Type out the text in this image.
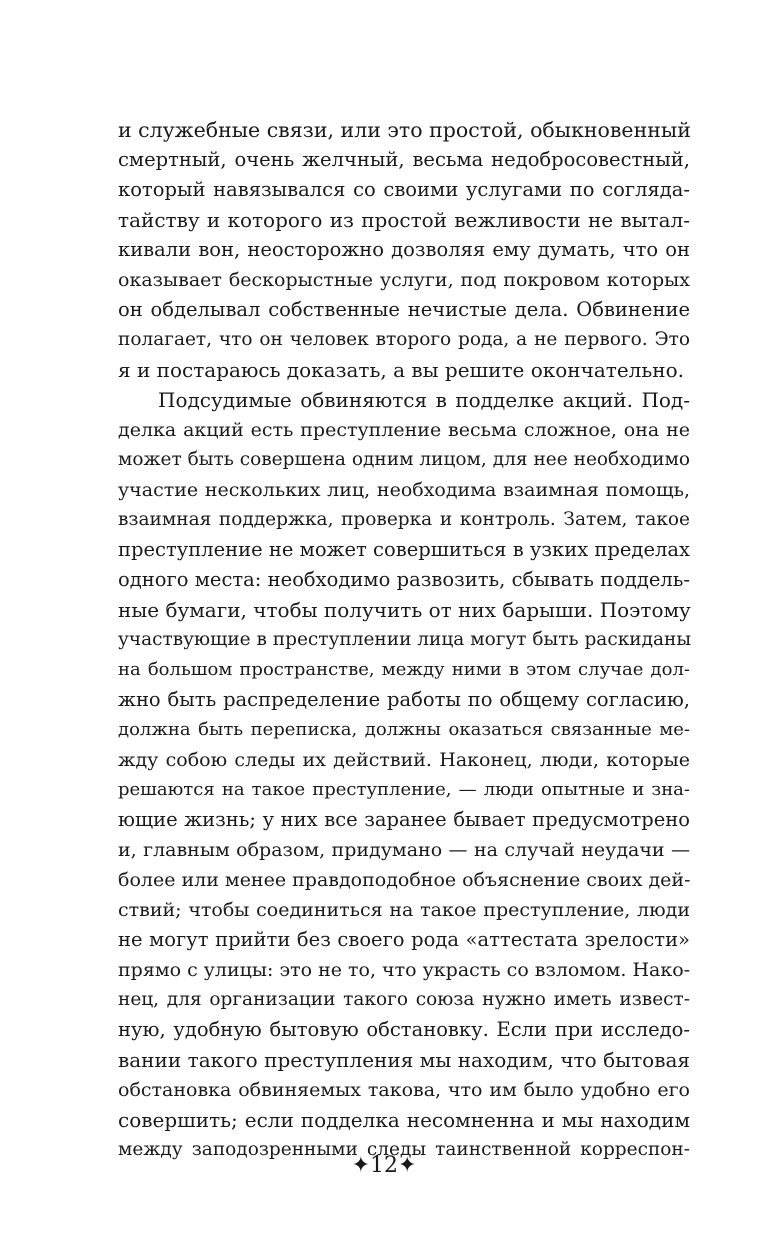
и служебные связи, или это простой, обыкновенный
смертный, очень желчный, весьма недобросовестный,
который навязывался со своими услугами по соглядa-
тайству и которого из простой вежливости не вытал-
кивали вон, неосторожно дозволяя ему думать, что он
оказывает бескорыстные услуги, под покровом которых
он обделывал собственные нечистые дела. Обвинение
полагает, что он человек второго рода, а не первого. Это
я и постараюсь доказать, а вы решите окончательно.
Подсудимые обвиняются в подделке акций. Под-
делка акций есть преступление весьма сложное, она не
может быть совершена одним лицом, для нее необходимо
участие нескольких лиц, необходима взаимная помощь,
взаимная поддержка, проверка и контроль. Затем, такое
преступление не может совершиться в узких пределах
одного места: необходимо развозить, сбывать поддель-
ные бумаги, чтобы получить от них барыши. Поэтому
участвующие в преступлении лица могут быть раскиданы
на большом пространстве, между ними в этом случае дол-
жно быть распределение работы по общему согласию,
должна быть переписка, должны оказаться связанные ме-
жду собою следы их действий. Наконец, люди, которые
решаются на такое преступление, — люди опытные и зна-
ющие жизнь; у них все заранее бывает предусмотрено
и, главным образом, придумано — на случай неудачи —
более или менее правдоподобное объяснение своих дей-
ствий; чтобы соединиться на такое преступление, люди
не могут прийти без своего рода «аттестата зрелости»
прямо с улицы: это не то, что украсть со взломом. Нако-
нец, для организации такого союза нужно иметь извест-
ную, удобную бытовую обстановку. Если при исследо-
вании такого преступления мы находим, что бытовая
обстановка обвиняемых такова, что им было удобно его
совершить; если подделка несомненна и мы находим
между заподозренными следы таинственной корреспон-
✦12✦
